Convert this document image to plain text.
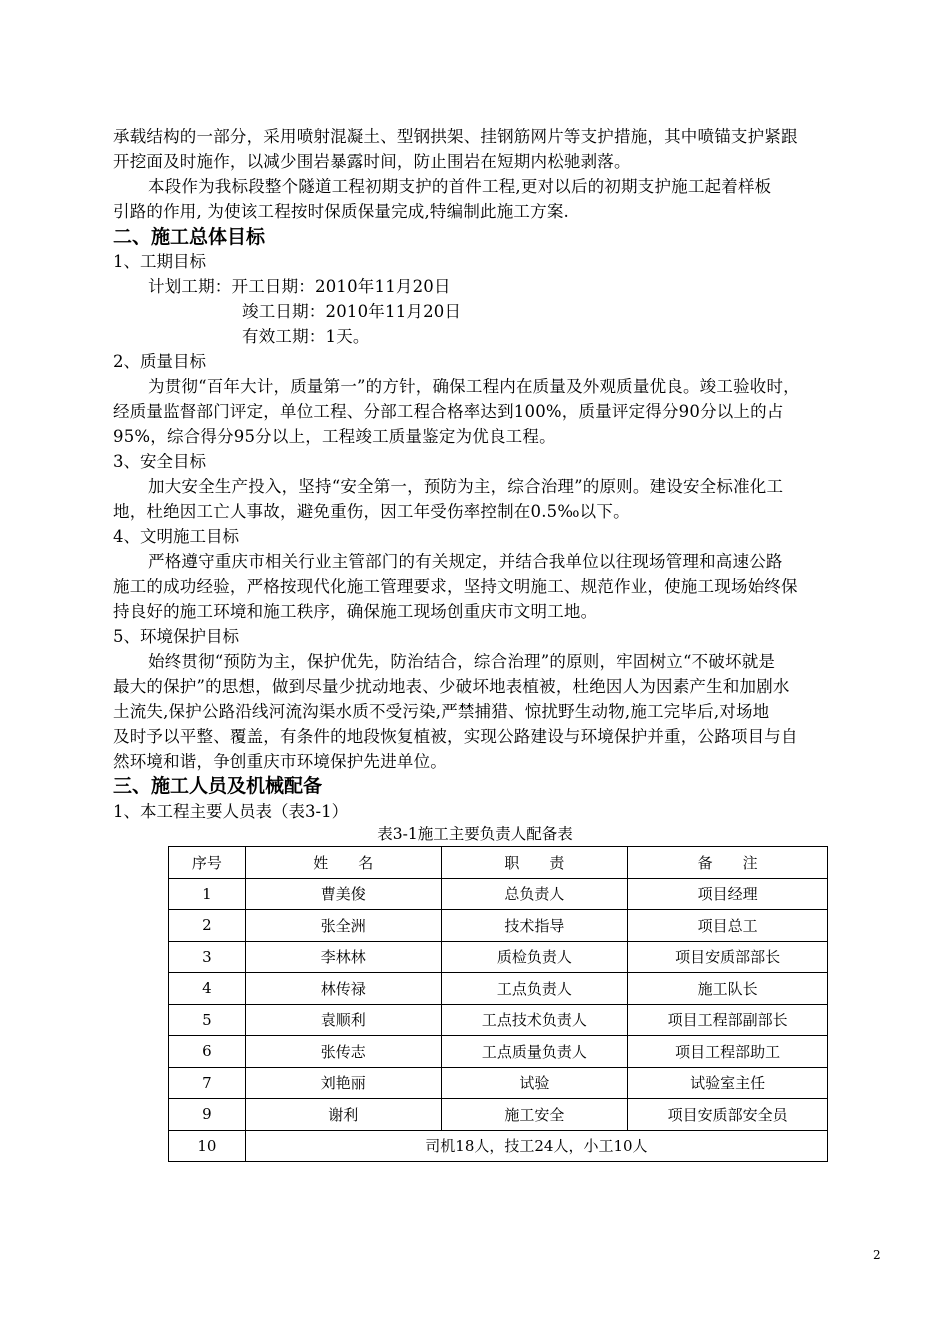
承载结构的一部分，采用喷射混凝土、型钢拱架、挂钢筋网片等支护措施，其中喷锚支护紧跟
开挖面及时施作，以减少围岩暴露时间，防止围岩在短期内松驰剥落。
本段作为我标段整个隧道工程初期支护的首件工程,更对以后的初期支护施工起着样板
引路的作用, 为使该工程按时保质保量完成,特编制此施工方案.
二、施工总体目标
1、工期目标
计划工期：开工日期：2010年11月20日
竣工日期：2010年11月20日
有效工期：1天。
2、质量目标
为贯彻“百年大计，质量第一”的方针，确保工程内在质量及外观质量优良。竣工验收时，
经质量监督部门评定，单位工程、分部工程合格率达到100%，质量评定得分90分以上的占
95%，综合得分95分以上，工程竣工质量鉴定为优良工程。
3、安全目标
加大安全生产投入，坚持“安全第一，预防为主，综合治理”的原则。建设安全标准化工
地，杜绝因工亡人事故，避免重伤，因工年受伤率控制在0.5‰以下。
4、文明施工目标
严格遵守重庆市相关行业主管部门的有关规定，并结合我单位以往现场管理和高速公路
施工的成功经验，严格按现代化施工管理要求，坚持文明施工、规范作业，使施工现场始终保
持良好的施工环境和施工秩序，确保施工现场创重庆市文明工地。
5、环境保护目标
始终贯彻“预防为主，保护优先，防治结合，综合治理”的原则，牢固树立“不破坏就是
最大的保护”的思想，做到尽量少扰动地表、少破坏地表植被，杜绝因人为因素产生和加剧水
土流失,保护公路沿线河流沟渠水质不受污染,严禁捕猎、惊扰野生动物,施工完毕后,对场地
及时予以平整、覆盖，有条件的地段恢复植被，实现公路建设与环境保护并重，公路项目与自
然环境和谐，争创重庆市环境保护先进单位。
三、施工人员及机械配备
1、本工程主要人员表（表3-1）
表3-1施工主要负责人配备表
序号	姓　　名	职　　责	备　　注
1	曹美俊	总负责人	项目经理
2	张全洲	技术指导	项目总工
3	李林林	质检负责人	项目安质部部长
4	林传禄	工点负责人	施工队长
5	袁顺利	工点技术负责人	项目工程部副部长
6	张传志	工点质量负责人	项目工程部助工
7	刘艳丽	试验	试验室主任
9	谢利	施工安全	项目安质部安全员
10	司机18人，技工24人，小工10人		
2
